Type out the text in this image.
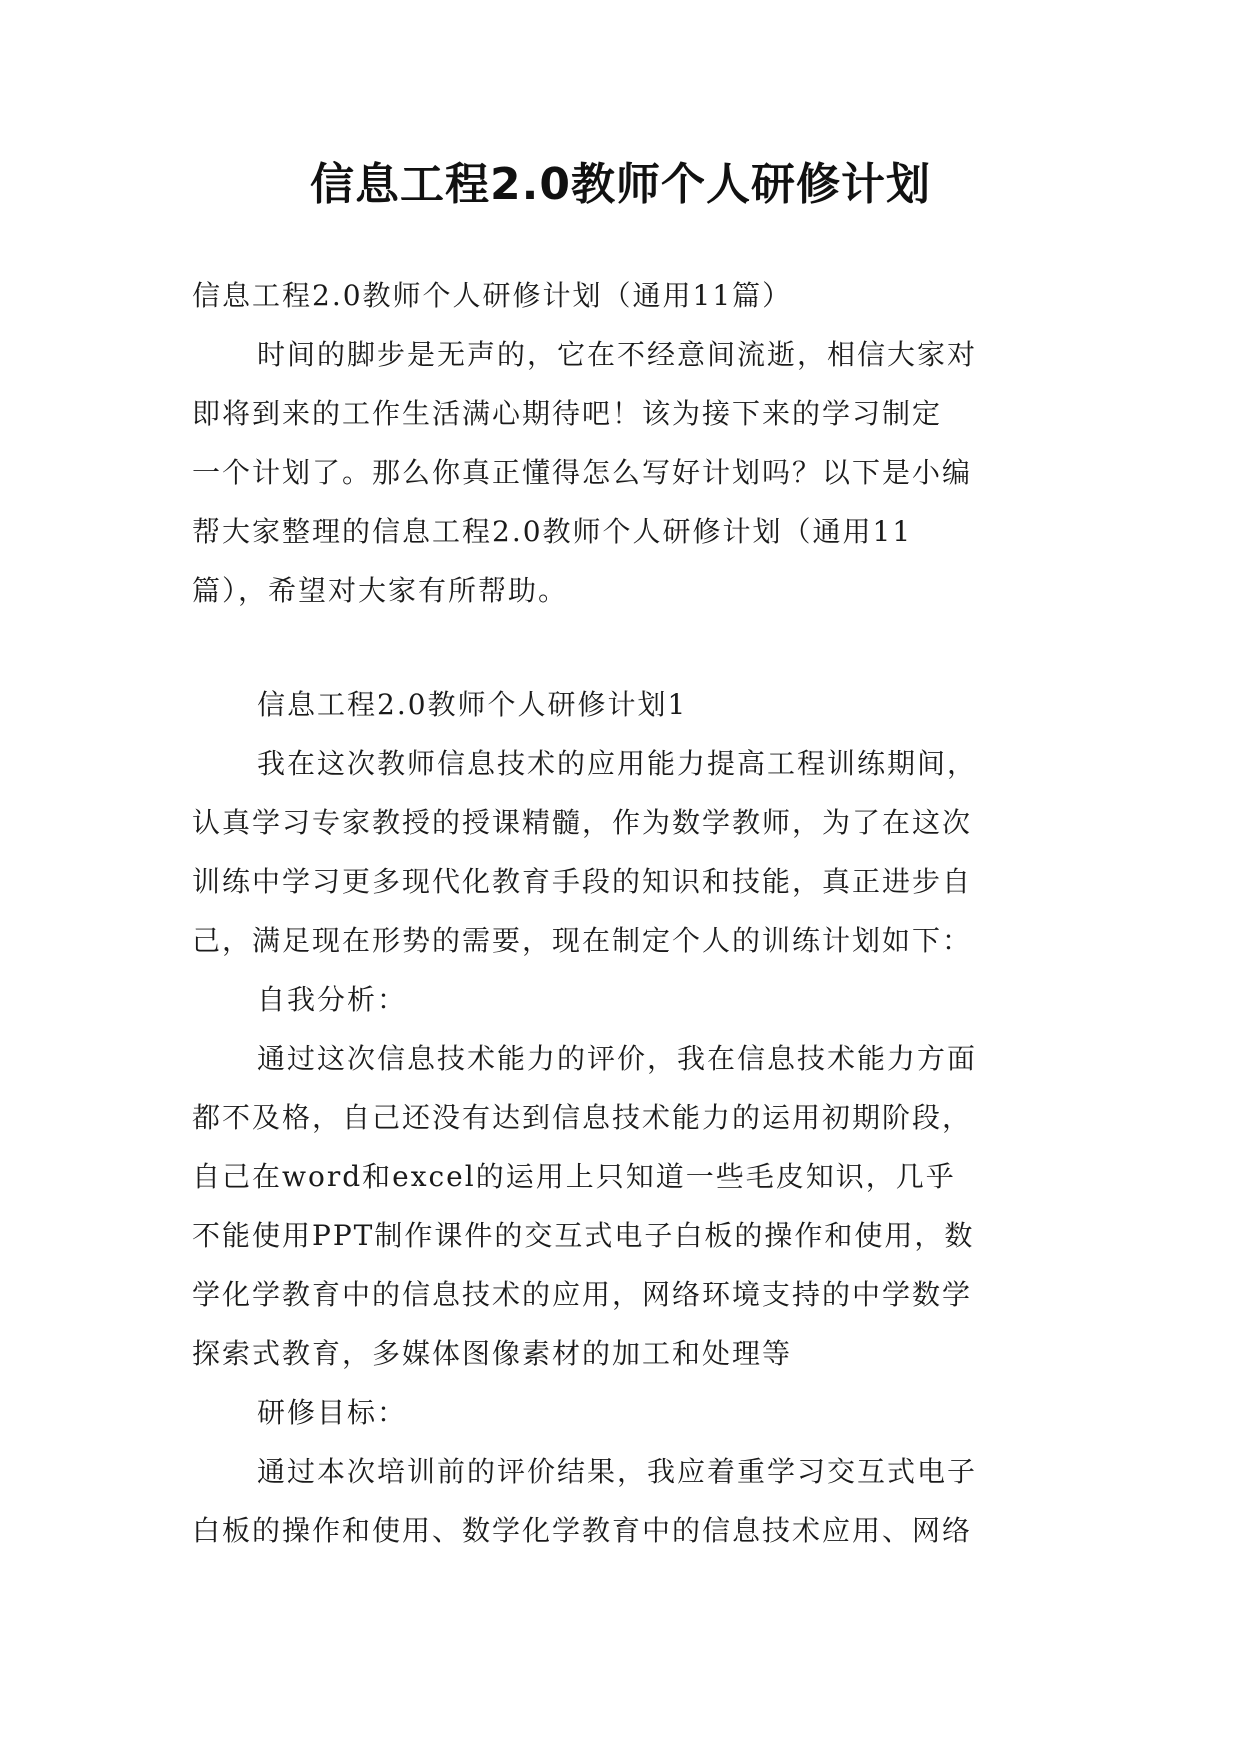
信息工程2.0教师个人研修计划

信息工程2.0教师个人研修计划（通用11篇）

时间的脚步是无声的，它在不经意间流逝，相信大家对

即将到来的工作生活满心期待吧！该为接下来的学习制定

一个计划了。那么你真正懂得怎么写好计划吗？以下是小编

帮大家整理的信息工程2.0教师个人研修计划（通用11

篇），希望对大家有所帮助。

信息工程2.0教师个人研修计划1

我在这次教师信息技术的应用能力提高工程训练期间，

认真学习专家教授的授课精髓，作为数学教师，为了在这次

训练中学习更多现代化教育手段的知识和技能，真正进步自

己，满足现在形势的需要，现在制定个人的训练计划如下：

自我分析：

通过这次信息技术能力的评价，我在信息技术能力方面

都不及格，自己还没有达到信息技术能力的运用初期阶段，

自己在word和excel的运用上只知道一些毛皮知识，几乎

不能使用PPT制作课件的交互式电子白板的操作和使用，数

学化学教育中的信息技术的应用，网络环境支持的中学数学

探索式教育，多媒体图像素材的加工和处理等

研修目标：

通过本次培训前的评价结果，我应着重学习交互式电子

白板的操作和使用、数学化学教育中的信息技术应用、网络
